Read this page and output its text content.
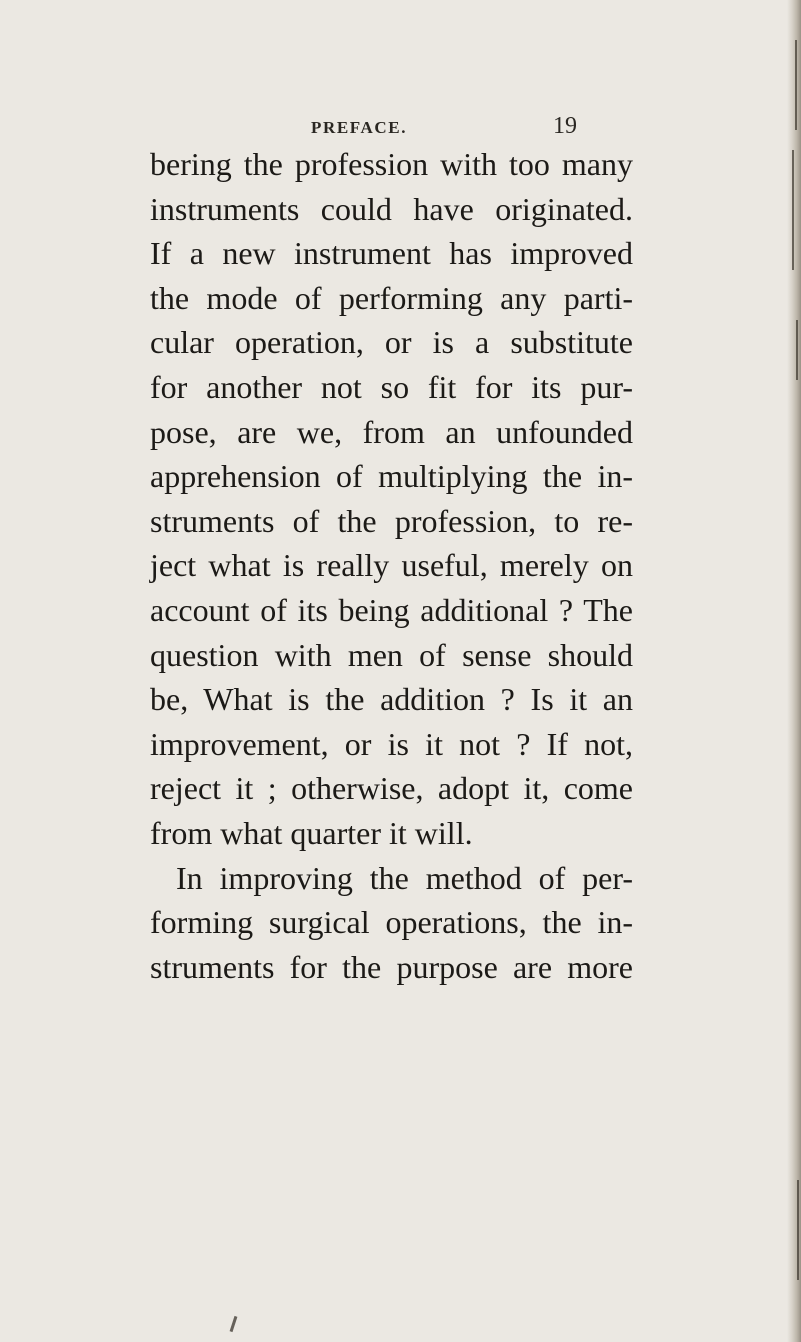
PREFACE.	19
bering the profession with too many
instruments could have originated.
If a new instrument has improved
the mode of performing any parti-
cular operation, or is a substitute
for another not so fit for its pur-
pose, are we, from an unfounded
apprehension of multiplying the in-
struments of the profession, to re-
ject what is really useful, merely on
account of its being additional ? The
question with men of sense should
be, What is the addition ? Is it an
improvement, or is it not ? If not,
reject it ; otherwise, adopt it, come
from what quarter it will.
In improving the method of per-
forming surgical operations, the in-
struments for the purpose are more
